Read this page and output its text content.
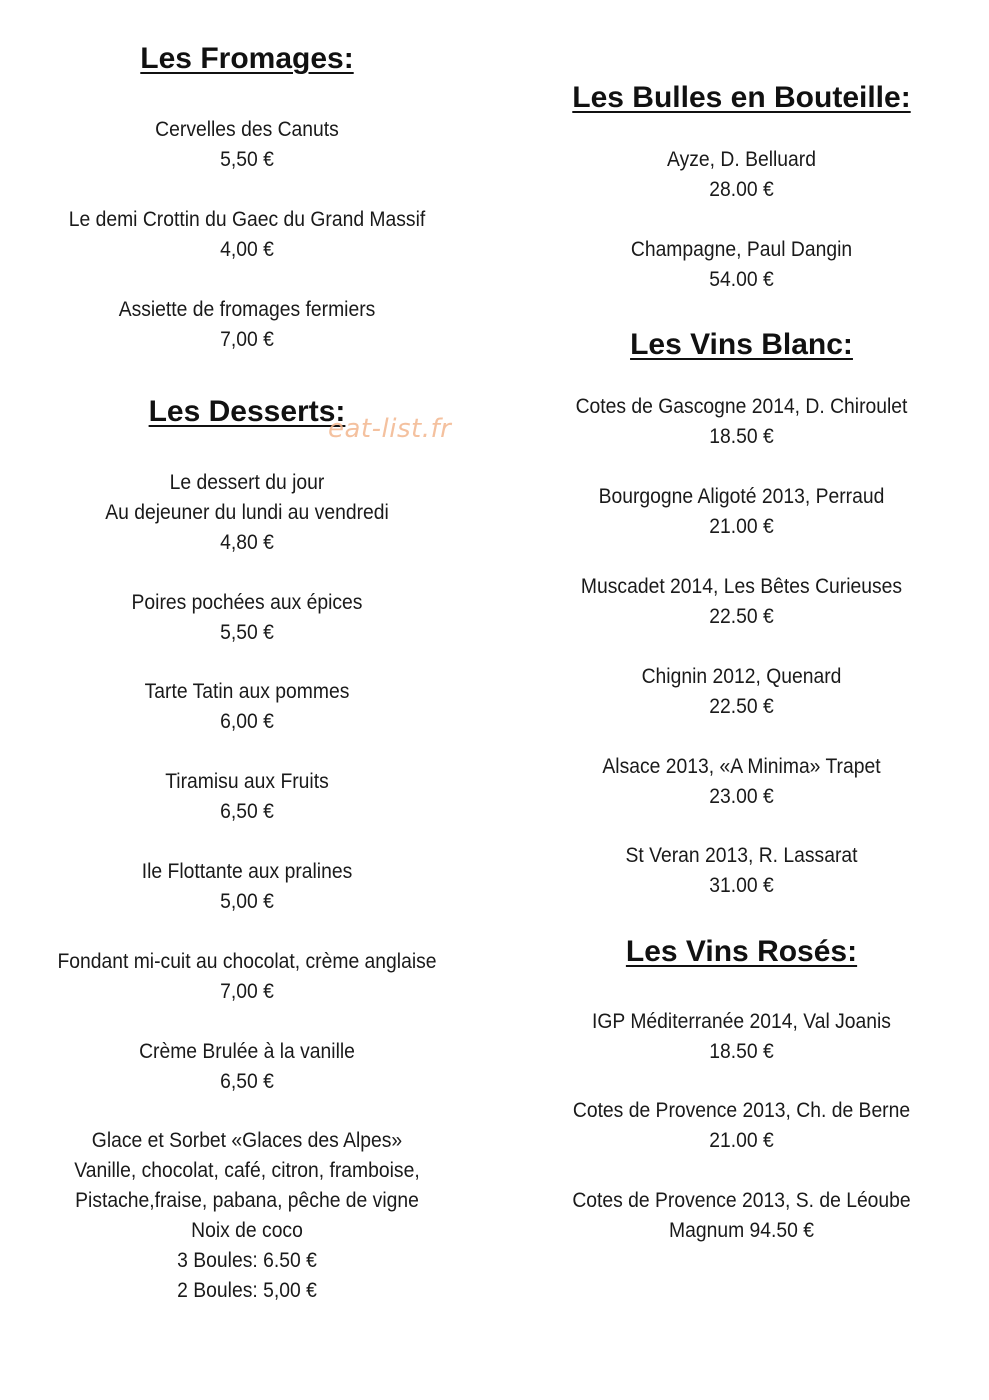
Les Fromages:
Cervelles des Canuts
5,50 €
Le demi Crottin du Gaec du Grand Massif
4,00 €
Assiette de fromages fermiers
7,00 €
Les Desserts:
Le dessert du jour
Au dejeuner du lundi au vendredi
4,80 €
Poires pochées aux épices
5,50 €
Tarte Tatin aux pommes
6,00 €
Tiramisu aux Fruits
6,50 €
Ile Flottante aux pralines
5,00 €
Fondant mi-cuit au chocolat, crème anglaise
7,00 €
Crème Brulée à la vanille
6,50 €
Glace et Sorbet «Glaces des Alpes»
Vanille, chocolat, café, citron, framboise,
Pistache,fraise, pabana, pêche de vigne
Noix de coco
3 Boules: 6.50 €
2 Boules: 5,00 €
Les Bulles en Bouteille:
Ayze, D. Belluard
28.00 €
Champagne, Paul Dangin
54.00 €
Les Vins Blanc:
Cotes de Gascogne 2014, D. Chiroulet
18.50 €
Bourgogne Aligoté 2013, Perraud
21.00 €
Muscadet 2014, Les Bêtes Curieuses
22.50 €
Chignin 2012, Quenard
22.50 €
Alsace 2013, «A Minima» Trapet
23.00 €
St Veran 2013, R. Lassarat
31.00 €
Les Vins Rosés:
IGP Méditerranée 2014, Val Joanis
18.50 €
Cotes de Provence 2013, Ch. de Berne
21.00 €
Cotes de Provence 2013, S. de Léoube
Magnum 94.50 €
eat-list.fr
